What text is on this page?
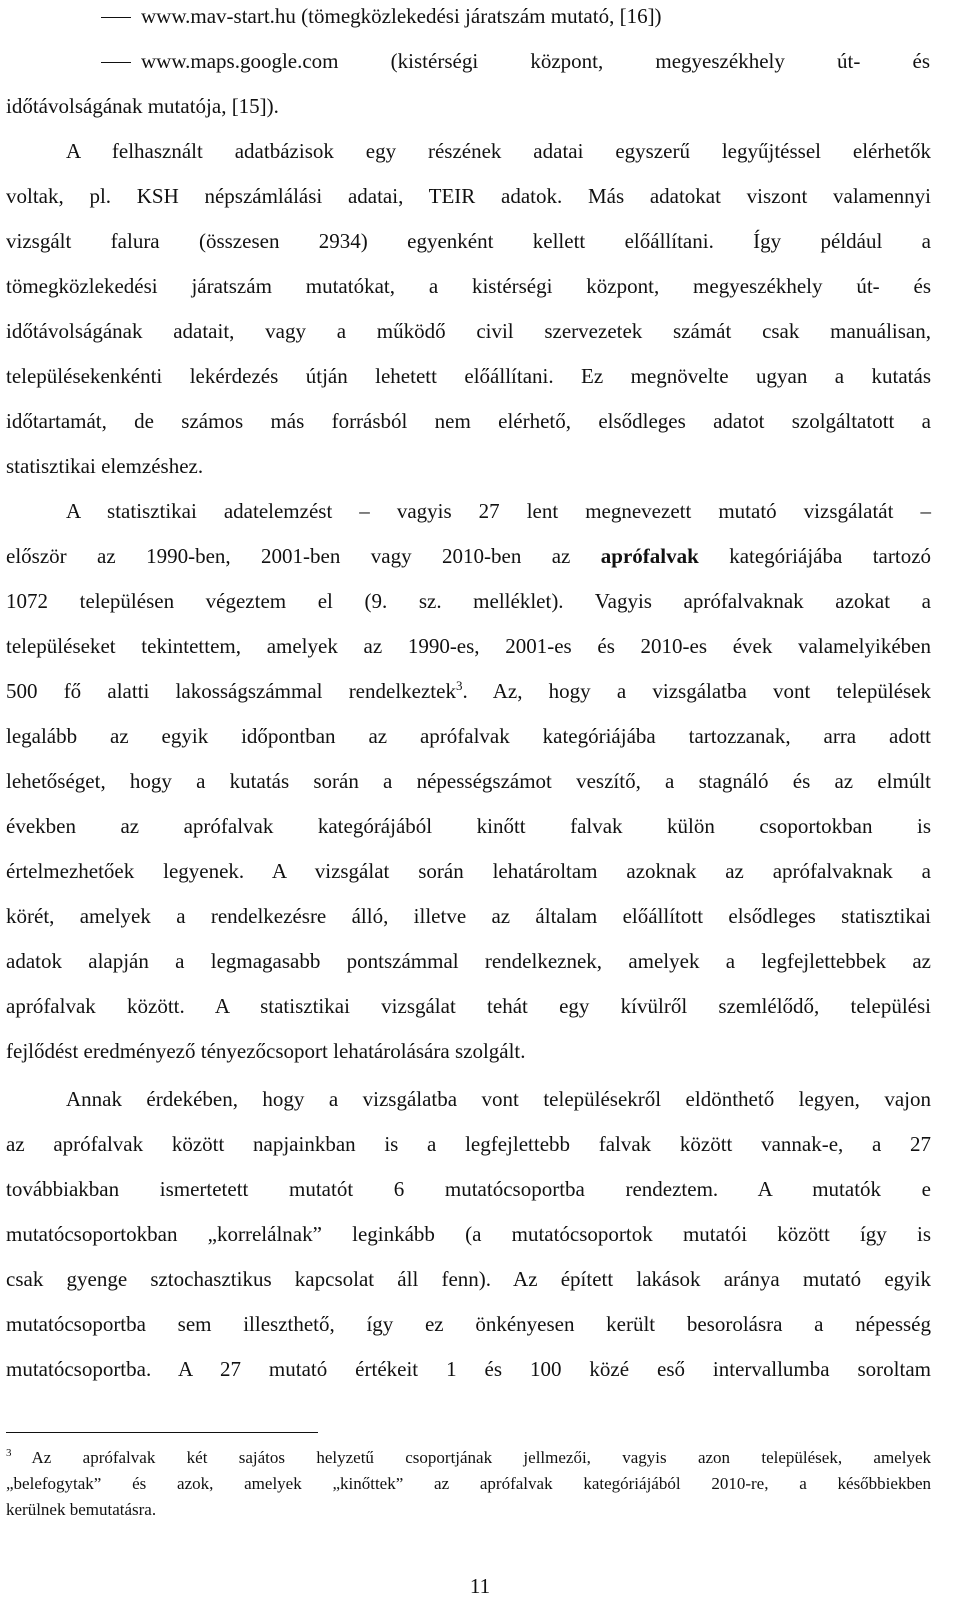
www.mav-start.hu (tömegközlekedési járatszám mutató, [16])
www.maps.google.com (kistérségi központ, megyeszékhely út- és
időtávolságának mutatója, [15]).
A felhasznált adatbázisok egy részének adatai egyszerű legyűjtéssel elérhetők
voltak, pl. KSH népszámlálási adatai, TEIR adatok. Más adatokat viszont valamennyi
vizsgált falura (összesen 2934) egyenként kellett előállítani. Így például a
tömegközlekedési járatszám mutatókat, a kistérségi központ, megyeszékhely út- és
időtávolságának adatait, vagy a működő civil szervezetek számát csak manuálisan,
településekenkénti lekérdezés útján lehetett előállítani. Ez megnövelte ugyan a kutatás
időtartamát, de számos más forrásból nem elérhető, elsődleges adatot szolgáltatott a
statisztikai elemzéshez.
A statisztikai adatelemzést – vagyis 27 lent megnevezett mutató vizsgálatát –
először az 1990-ben, 2001-ben vagy 2010-ben az aprófalvak kategóriájába tartozó
1072 településen végeztem el (9. sz. melléklet). Vagyis aprófalvaknak azokat a
településeket tekintettem, amelyek az 1990-es, 2001-es és 2010-es évek valamelyikében
500 fő alatti lakosságszámmal rendelkeztek$^3$. Az, hogy a vizsgálatba vont települések
legalább az egyik időpontban az aprófalvak kategóriájába tartozzanak, arra adott
lehetőséget, hogy a kutatás során a népességszámot veszítő, a stagnáló és az elmúlt
években az aprófalvak kategórájából kinőtt falvak külön csoportokban is
értelmezhetőek legyenek. A vizsgálat során lehatároltam azoknak az aprófalvaknak a
körét, amelyek a rendelkezésre álló, illetve az általam előállított elsődleges statisztikai
adatok alapján a legmagasabb pontszámmal rendelkeznek, amelyek a legfejlettebbek az
aprófalvak között. A statisztikai vizsgálat tehát egy kívülről szemlélődő, települési
fejlődést eredményező tényezőcsoport lehatárolására szolgált.
Annak érdekében, hogy a vizsgálatba vont településekről eldönthető legyen, vajon
az aprófalvak között napjainkban is a legfejlettebb falvak között vannak-e, a 27
továbbiakban ismertetett mutatót 6 mutatócsoportba rendeztem. A mutatók e
mutatócsoportokban „korrelálnak” leginkább (a mutatócsoportok mutatói között így is
csak gyenge sztochasztikus kapcsolat áll fenn). Az épített lakások aránya mutató egyik
mutatócsoportba sem illeszthető, így ez önkényesen került besorolásra a népesség
mutatócsoportba. A 27 mutató értékeit 1 és 100 közé eső intervallumba soroltam
$^3$ Az aprófalvak két sajátos helyzetű csoportjának jellmezői, vagyis azon települések, amelyek
„belefogytak” és azok, amelyek „kinőttek” az aprófalvak kategóriájából 2010-re, a későbbiekben
kerülnek bemutatásra.
11
